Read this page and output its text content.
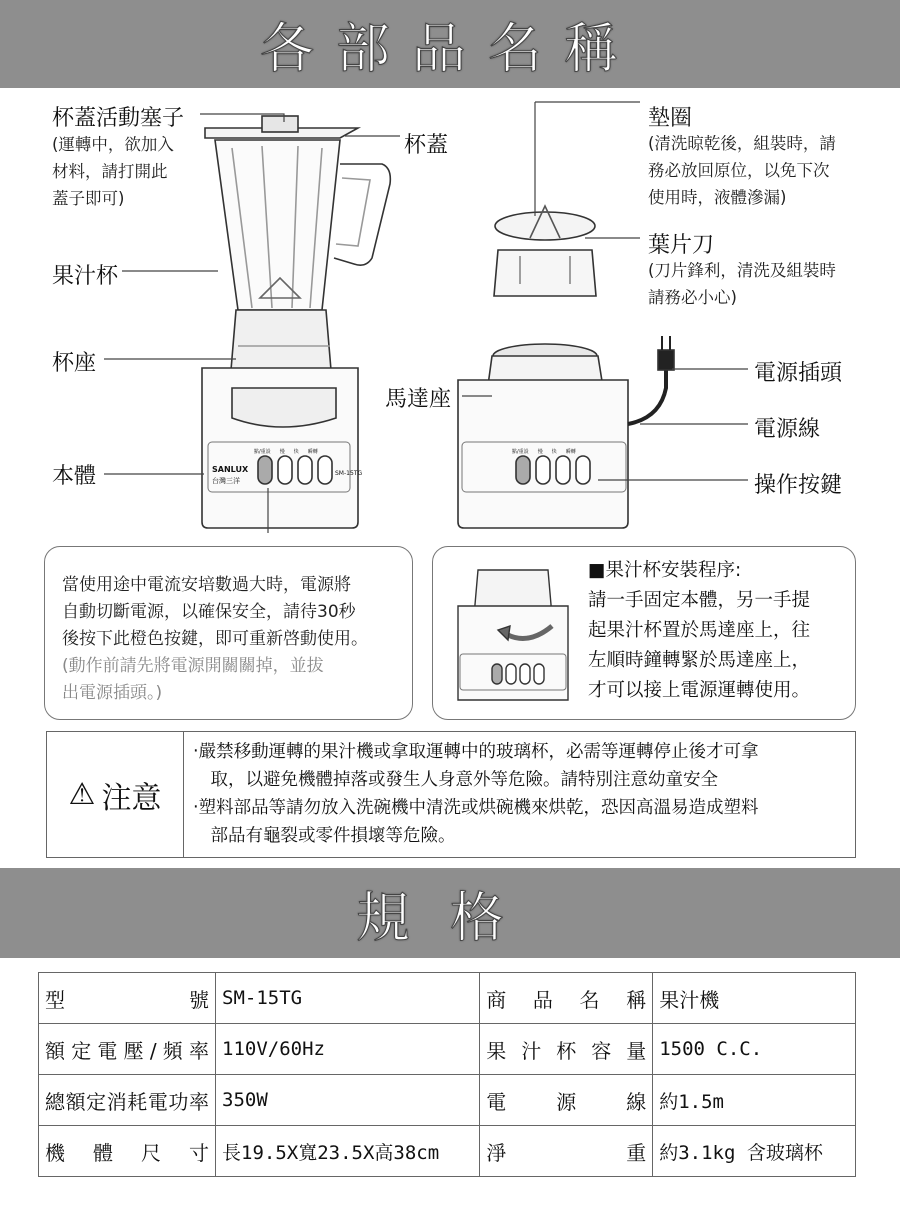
各部品名稱
杯蓋活動塞子
(運轉中，欲加入
材料，請打開此
蓋子即可)
杯蓋
果汁杯
杯座
本體
墊圈
(清洗晾乾後，組裝時，請
務必放回原位，以免下次
使用時，液體滲漏)
葉片刀
(刀片鋒利，清洗及組裝時
請務必小心)
馬達座
電源插頭
電源線
操作按鍵
SANLUX
台灣三洋
SM-15TG
點/重設 慢 快 瞬轉	點/重設 慢 快 瞬轉
當使用途中電流安培數過大時，電源將
自動切斷電源，以確保安全，請待30秒
後按下此橙色按鍵，即可重新啓動使用。
(動作前請先將電源開關關掉，並拔
出電源插頭。)
■果汁杯安裝程序:
請一手固定本體，另一手提
起果汁杯置於馬達座上，往
左順時鐘轉緊於馬達座上，
才可以接上電源運轉使用。
⚠ 注意
‧嚴禁移動運轉的果汁機或拿取運轉中的玻璃杯，必需等運轉停止後才可拿
　取，以避免機體掉落或發生人身意外等危險。請特別注意幼童安全
‧塑料部品等請勿放入洗碗機中清洗或烘碗機來烘乾，恐因高溫易造成塑料
　部品有龜裂或零件損壞等危險。
規格
型號	SM-15TG	商品名稱	果汁機
額定電壓/頻率	110V/60Hz	果汁杯容量	1500 C.C.
總額定消耗電功率	350W	電源線	約1.5m
機體尺寸	長19.5X寬23.5X高38cm	淨重	約3.1kg 含玻璃杯
